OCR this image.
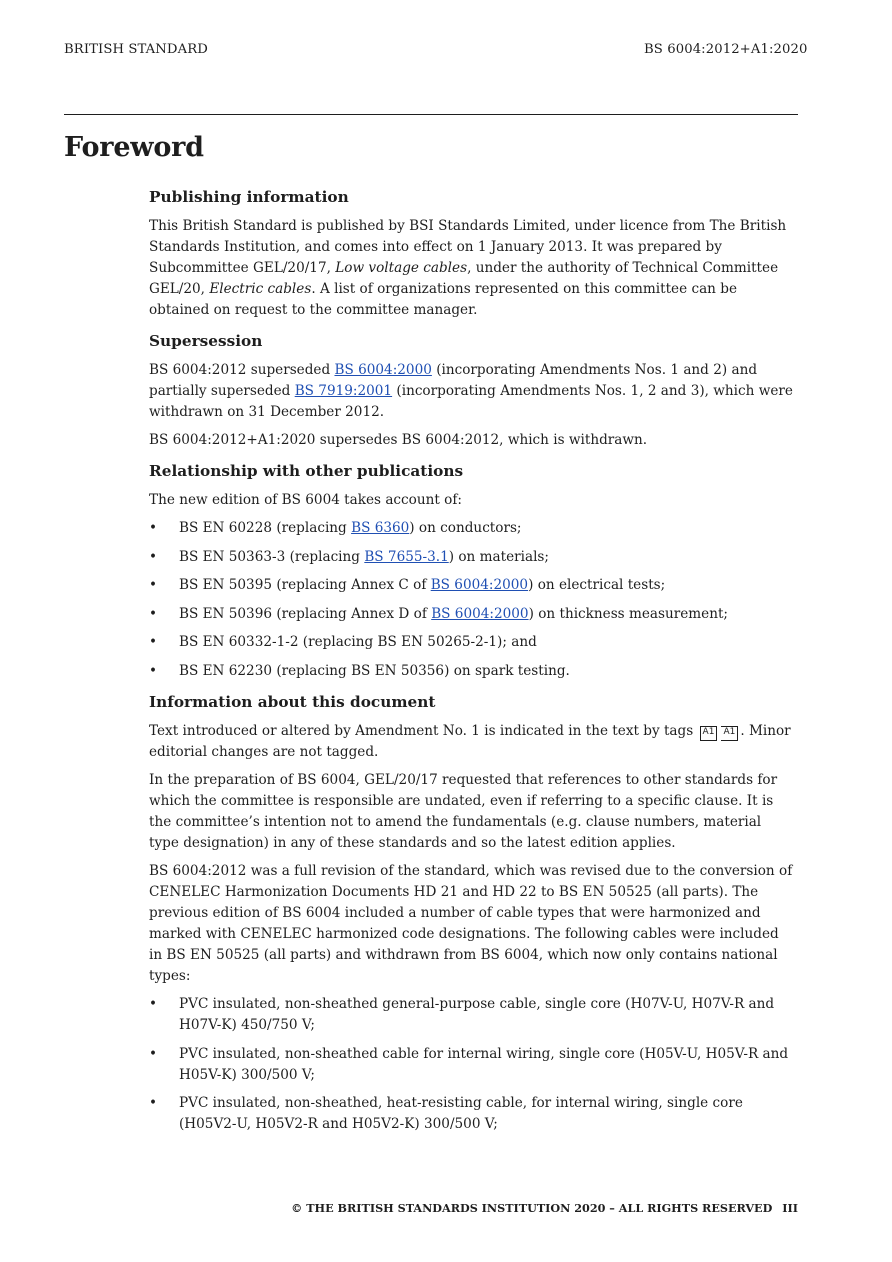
BRITISH STANDARD	BS 6004:2012+A1:2020
Foreword
Publishing information

This British Standard is published by BSI Standards Limited, under licence from The British Standards Institution, and comes into effect on 1 January 2013. It was prepared by Subcommittee GEL/20/17, Low voltage cables, under the authority of Technical Committee GEL/20, Electric cables. A list of organizations represented on this committee can be obtained on request to the committee manager.

Supersession

BS 6004:2012 superseded BS 6004:2000 (incorporating Amendments Nos. 1 and 2) and partially superseded BS 7919:2001 (incorporating Amendments Nos. 1, 2 and 3), which were withdrawn on 31 December 2012.

BS 6004:2012+A1:2020 supersedes BS 6004:2012, which is withdrawn.

Relationship with other publications

The new edition of BS 6004 takes account of:

• BS EN 60228 (replacing BS 6360) on conductors;
• BS EN 50363-3 (replacing BS 7655-3.1) on materials;
• BS EN 50395 (replacing Annex C of BS 6004:2000) on electrical tests;
• BS EN 50396 (replacing Annex D of BS 6004:2000) on thickness measurement;
• BS EN 60332-1-2 (replacing BS EN 50265-2-1); and
• BS EN 62230 (replacing BS EN 50356) on spark testing.
Information about this document

Text introduced or altered by Amendment No. 1 is indicated in the text by tags A1 A1 . Minor editorial changes are not tagged.

In the preparation of BS 6004, GEL/20/17 requested that references to other standards for which the committee is responsible are undated, even if referring to a specific clause. It is the committee’s intention not to amend the fundamentals (e.g. clause numbers, material type designation) in any of these standards and so the latest edition applies.

BS 6004:2012 was a full revision of the standard, which was revised due to the conversion of CENELEC Harmonization Documents HD 21 and HD 22 to BS EN 50525 (all parts). The previous edition of BS 6004 included a number of cable types that were harmonized and marked with CENELEC harmonized code designations. The following cables were included in BS EN 50525 (all parts) and withdrawn from BS 6004, which now only contains national types:

• PVC insulated, non-sheathed general-purpose cable, single core (H07V-U, H07V-R and H07V-K) 450/750 V;
• PVC insulated, non-sheathed cable for internal wiring, single core (H05V-U, H05V-R and H05V-K) 300/500 V;
• PVC insulated, non-sheathed, heat-resisting cable, for internal wiring, single core (H05V2-U, H05V2-R and H05V2-K) 300/500 V;
© THE BRITISH STANDARDS INSTITUTION 2020 – ALL RIGHTS RESERVED III
